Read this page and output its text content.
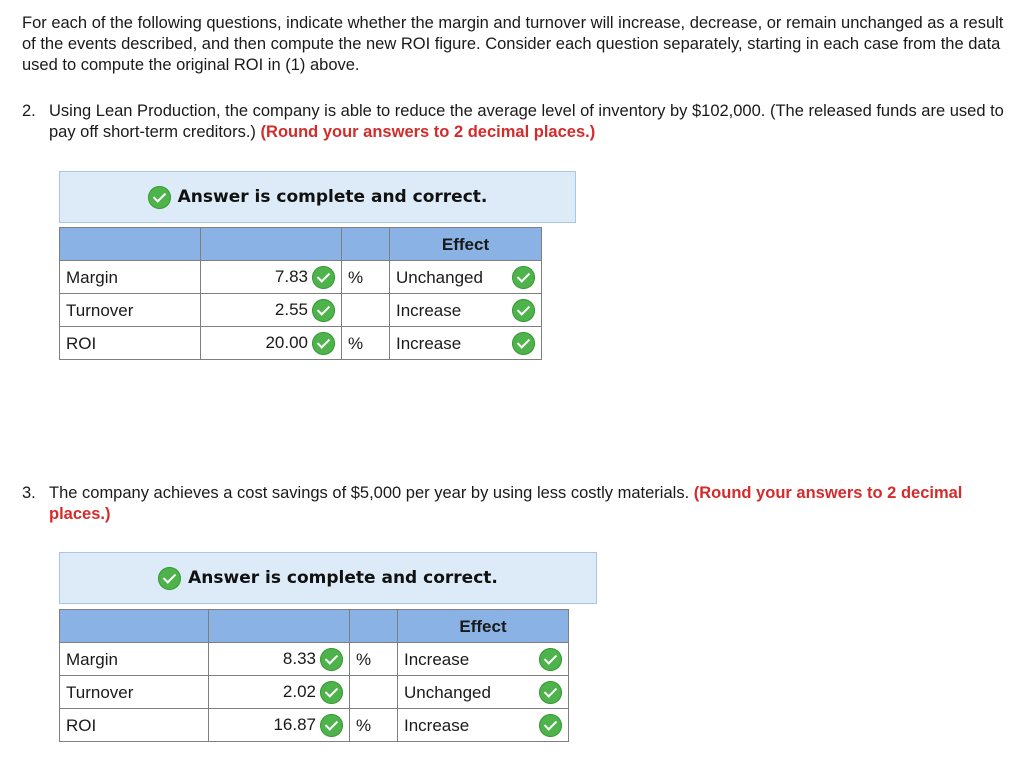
For each of the following questions, indicate whether the margin and turnover will increase, decrease, or remain unchanged as a result of the events described, and then compute the new ROI figure. Consider each question separately, starting in each case from the data used to compute the original ROI in (1) above.

2. Using Lean Production, the company is able to reduce the average level of inventory by $102,000. (The released funds are used to pay off short-term creditors.) (Round your answers to 2 decimal places.)

Answer is complete and correct.
			Effect
Margin	7.83	%	Unchanged

Turnover	2.55		Increase

ROI	20.00	%	Increase

3. The company achieves a cost savings of $5,000 per year by using less costly materials. (Round your answers to 2 decimal places.)

Answer is complete and correct.
			Effect
Margin	8.33	%	Increase

Turnover	2.02		Unchanged

ROI	16.87	%	Increase
